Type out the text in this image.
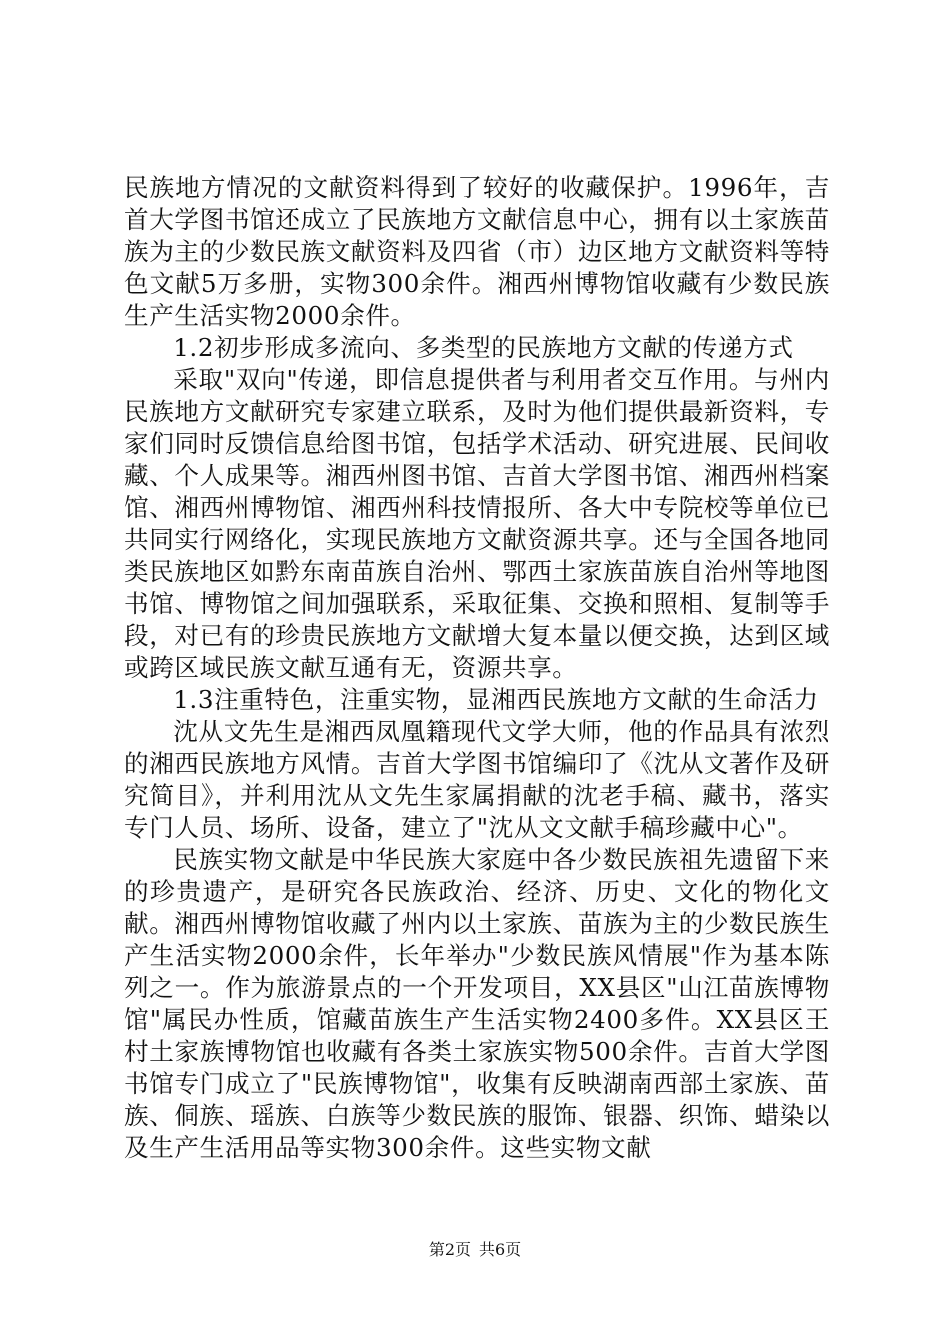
民族地方情况的文献资料得到了较好的收藏保护。1996年，吉首大学图书馆还成立了民族地方文献信息中心，拥有以土家族苗族为主的少数民族文献资料及四省（市）边区地方文献资料等特色文献5万多册，实物300余件。湘西州博物馆收藏有少数民族生产生活实物2000余件。

1.2初步形成多流向、多类型的民族地方文献的传递方式

采取"双向"传递，即信息提供者与利用者交互作用。与州内民族地方文献研究专家建立联系，及时为他们提供最新资料，专家们同时反馈信息给图书馆，包括学术活动、研究进展、民间收藏、个人成果等。湘西州图书馆、吉首大学图书馆、湘西州档案馆、湘西州博物馆、湘西州科技情报所、各大中专院校等单位已共同实行网络化，实现民族地方文献资源共享。还与全国各地同类民族地区如黔东南苗族自治州、鄂西土家族苗族自治州等地图书馆、博物馆之间加强联系，采取征集、交换和照相、复制等手段，对已有的珍贵民族地方文献增大复本量以便交换，达到区域或跨区域民族文献互通有无，资源共享。

1.3注重特色，注重实物，显湘西民族地方文献的生命活力

沈从文先生是湘西凤凰籍现代文学大师，他的作品具有浓烈的湘西民族地方风情。吉首大学图书馆编印了《沈从文著作及研究简目》，并利用沈从文先生家属捐献的沈老手稿、藏书，落实专门人员、场所、设备，建立了"沈从文文献手稿珍藏中心"。

民族实物文献是中华民族大家庭中各少数民族祖先遗留下来的珍贵遗产，是研究各民族政治、经济、历史、文化的物化文献。湘西州博物馆收藏了州内以土家族、苗族为主的少数民族生产生活实物2000余件，长年举办"少数民族风情展"作为基本陈列之一。作为旅游景点的一个开发项目，XX县区"山江苗族博物馆"属民办性质，馆藏苗族生产生活实物2400多件。XX县区王村土家族博物馆也收藏有各类土家族实物500余件。吉首大学图书馆专门成立了"民族博物馆"，收集有反映湖南西部土家族、苗族、侗族、瑶族、白族等少数民族的服饰、银器、织饰、蜡染以及生产生活用品等实物300余件。这些实物文献

第2页 共6页
